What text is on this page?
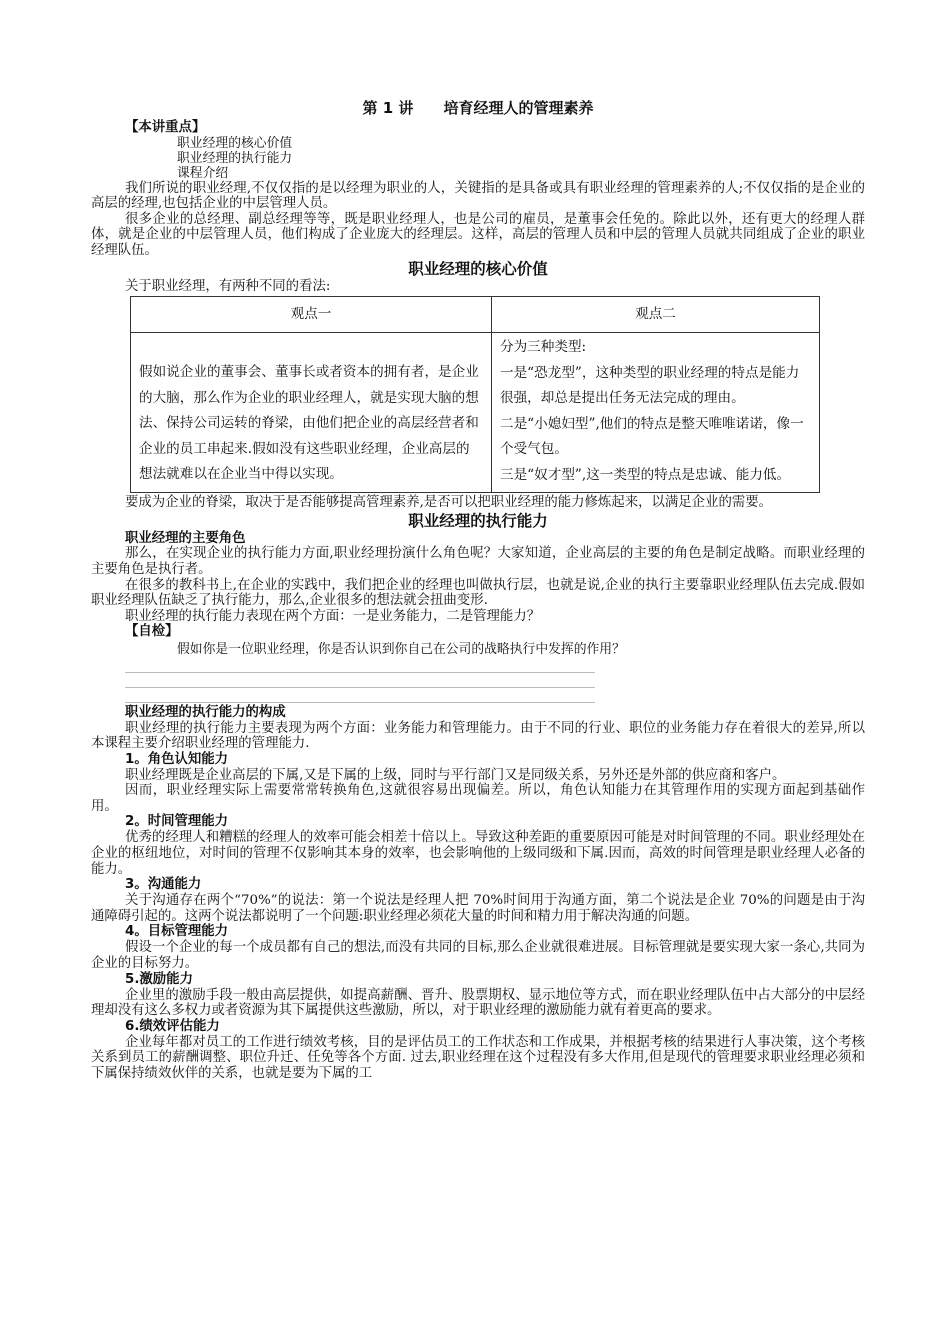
第 1 讲 培育经理人的管理素养
【本讲重点】
职业经理的核心价值
职业经理的执行能力
课程介绍

我们所说的职业经理,不仅仅指的是以经理为职业的人，关键指的是具备或具有职业经理的管理素养的人;不仅仅指的是企业的高层的经理,也包括企业的中层管理人员。

很多企业的总经理、副总经理等等，既是职业经理人，也是公司的雇员，是董事会任免的。除此以外，还有更大的经理人群体，就是企业的中层管理人员，他们构成了企业庞大的经理层。这样，高层的管理人员和中层的管理人员就共同组成了企业的职业经理队伍。

职业经理的核心价值

关于职业经理，有两种不同的看法:

观点一	观点二
假如说企业的董事会、董事长或者资本的拥有者，是企业的大脑，那么作为企业的职业经理人，就是实现大脑的想法、保持公司运转的脊梁，由他们把企业的高层经营者和企业的员工串起来.假如没有这些职业经理，企业高层的想法就难以在企业当中得以实现。	分为三种类型:
一是“恐龙型”，这种类型的职业经理的特点是能力很强，却总是提出任务无法完成的理由。
二是“小媳妇型”,他们的特点是整天唯唯诺诺，像一个受气包。
三是“奴才型”,这一类型的特点是忠诚、能力低。

要成为企业的脊梁，取决于是否能够提高管理素养,是否可以把职业经理的能力修炼起来，以满足企业的需要。

职业经理的执行能力
职业经理的主要角色

那么，在实现企业的执行能力方面,职业经理扮演什么角色呢？大家知道，企业高层的主要的角色是制定战略。而职业经理的主要角色是执行者。

在很多的教科书上,在企业的实践中，我们把企业的经理也叫做执行层，也就是说,企业的执行主要靠职业经理队伍去完成.假如职业经理队伍缺乏了执行能力，那么,企业很多的想法就会扭曲变形.

职业经理的执行能力表现在两个方面：一是业务能力，二是管理能力？

【自检】
假如你是一位职业经理，你是否认识到你自己在公司的战略执行中发挥的作用？
职业经理的执行能力的构成

职业经理的执行能力主要表现为两个方面：业务能力和管理能力。由于不同的行业、职位的业务能力存在着很大的差异,所以本课程主要介绍职业经理的管理能力.

1。角色认知能力

职业经理既是企业高层的下属,又是下属的上级，同时与平行部门又是同级关系，另外还是外部的供应商和客户。

因而，职业经理实际上需要常常转换角色,这就很容易出现偏差。所以，角色认知能力在其管理作用的实现方面起到基础作用。

2。时间管理能力

优秀的经理人和糟糕的经理人的效率可能会相差十倍以上。导致这种差距的重要原因可能是对时间管理的不同。职业经理处在企业的枢纽地位，对时间的管理不仅影响其本身的效率，也会影响他的上级同级和下属.因而，高效的时间管理是职业经理人必备的能力。

3。沟通能力

关于沟通存在两个“70%”的说法：第一个说法是经理人把 70%时间用于沟通方面，第二个说法是企业 70%的问题是由于沟通障碍引起的。这两个说法都说明了一个问题:职业经理必须花大量的时间和精力用于解决沟通的问题。

4。目标管理能力

假设一个企业的每一个成员都有自己的想法,而没有共同的目标,那么企业就很难进展。目标管理就是要实现大家一条心,共同为企业的目标努力。

5.激励能力

企业里的激励手段一般由高层提供，如提高薪酬、晋升、股票期权、显示地位等方式，而在职业经理队伍中占大部分的中层经理却没有这么多权力或者资源为其下属提供这些激励，所以，对于职业经理的激励能力就有着更高的要求。

6.绩效评估能力

企业每年都对员工的工作进行绩效考核，目的是评估员工的工作状态和工作成果，并根据考核的结果进行人事决策，这个考核关系到员工的薪酬调整、职位升迁、任免等各个方面. 过去,职业经理在这个过程没有多大作用,但是现代的管理要求职业经理必须和下属保持绩效伙伴的关系，也就是要为下属的工
